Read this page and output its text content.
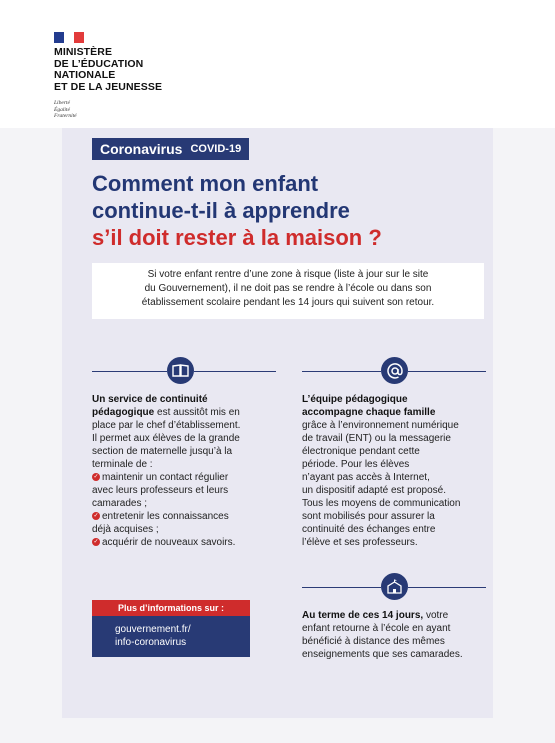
MINISTÈRE
DE L’ÉDUCATION
NATIONALE
ET DE LA JEUNESSE
Liberté
Égalité
Fraternité
Coronavirus COVID-19
Comment mon enfant
continue-t-il à apprendre
s’il doit rester à la maison ?
Si votre enfant rentre d’une zone à risque (liste à jour sur le site
du Gouvernement), il ne doit pas se rendre à l’école ou dans son
établissement scolaire pendant les 14 jours qui suivent son retour.
Un service de continuité
pédagogique est aussitôt mis en
place par le chef d’établissement.
Il permet aux élèves de la grande
section de maternelle jusqu’à la
terminale de :
✓ maintenir un contact régulier
avec leurs professeurs et leurs
camarades ;
✓ entretenir les connaissances
déjà acquises ;
✓ acquérir de nouveaux savoirs.
L’équipe pédagogique
accompagne chaque famille
grâce à l’environnement numérique
de travail (ENT) ou la messagerie
électronique pendant cette
période. Pour les élèves
n’ayant pas accès à Internet,
un dispositif adapté est proposé.
Tous les moyens de communication
sont mobilisés pour assurer la
continuité des échanges entre
l’élève et ses professeurs.
Plus d’informations sur :
gouvernement.fr/
info-coronavirus
Au terme de ces 14 jours, votre
enfant retourne à l’école en ayant
bénéficié à distance des mêmes
enseignements que ses camarades.
